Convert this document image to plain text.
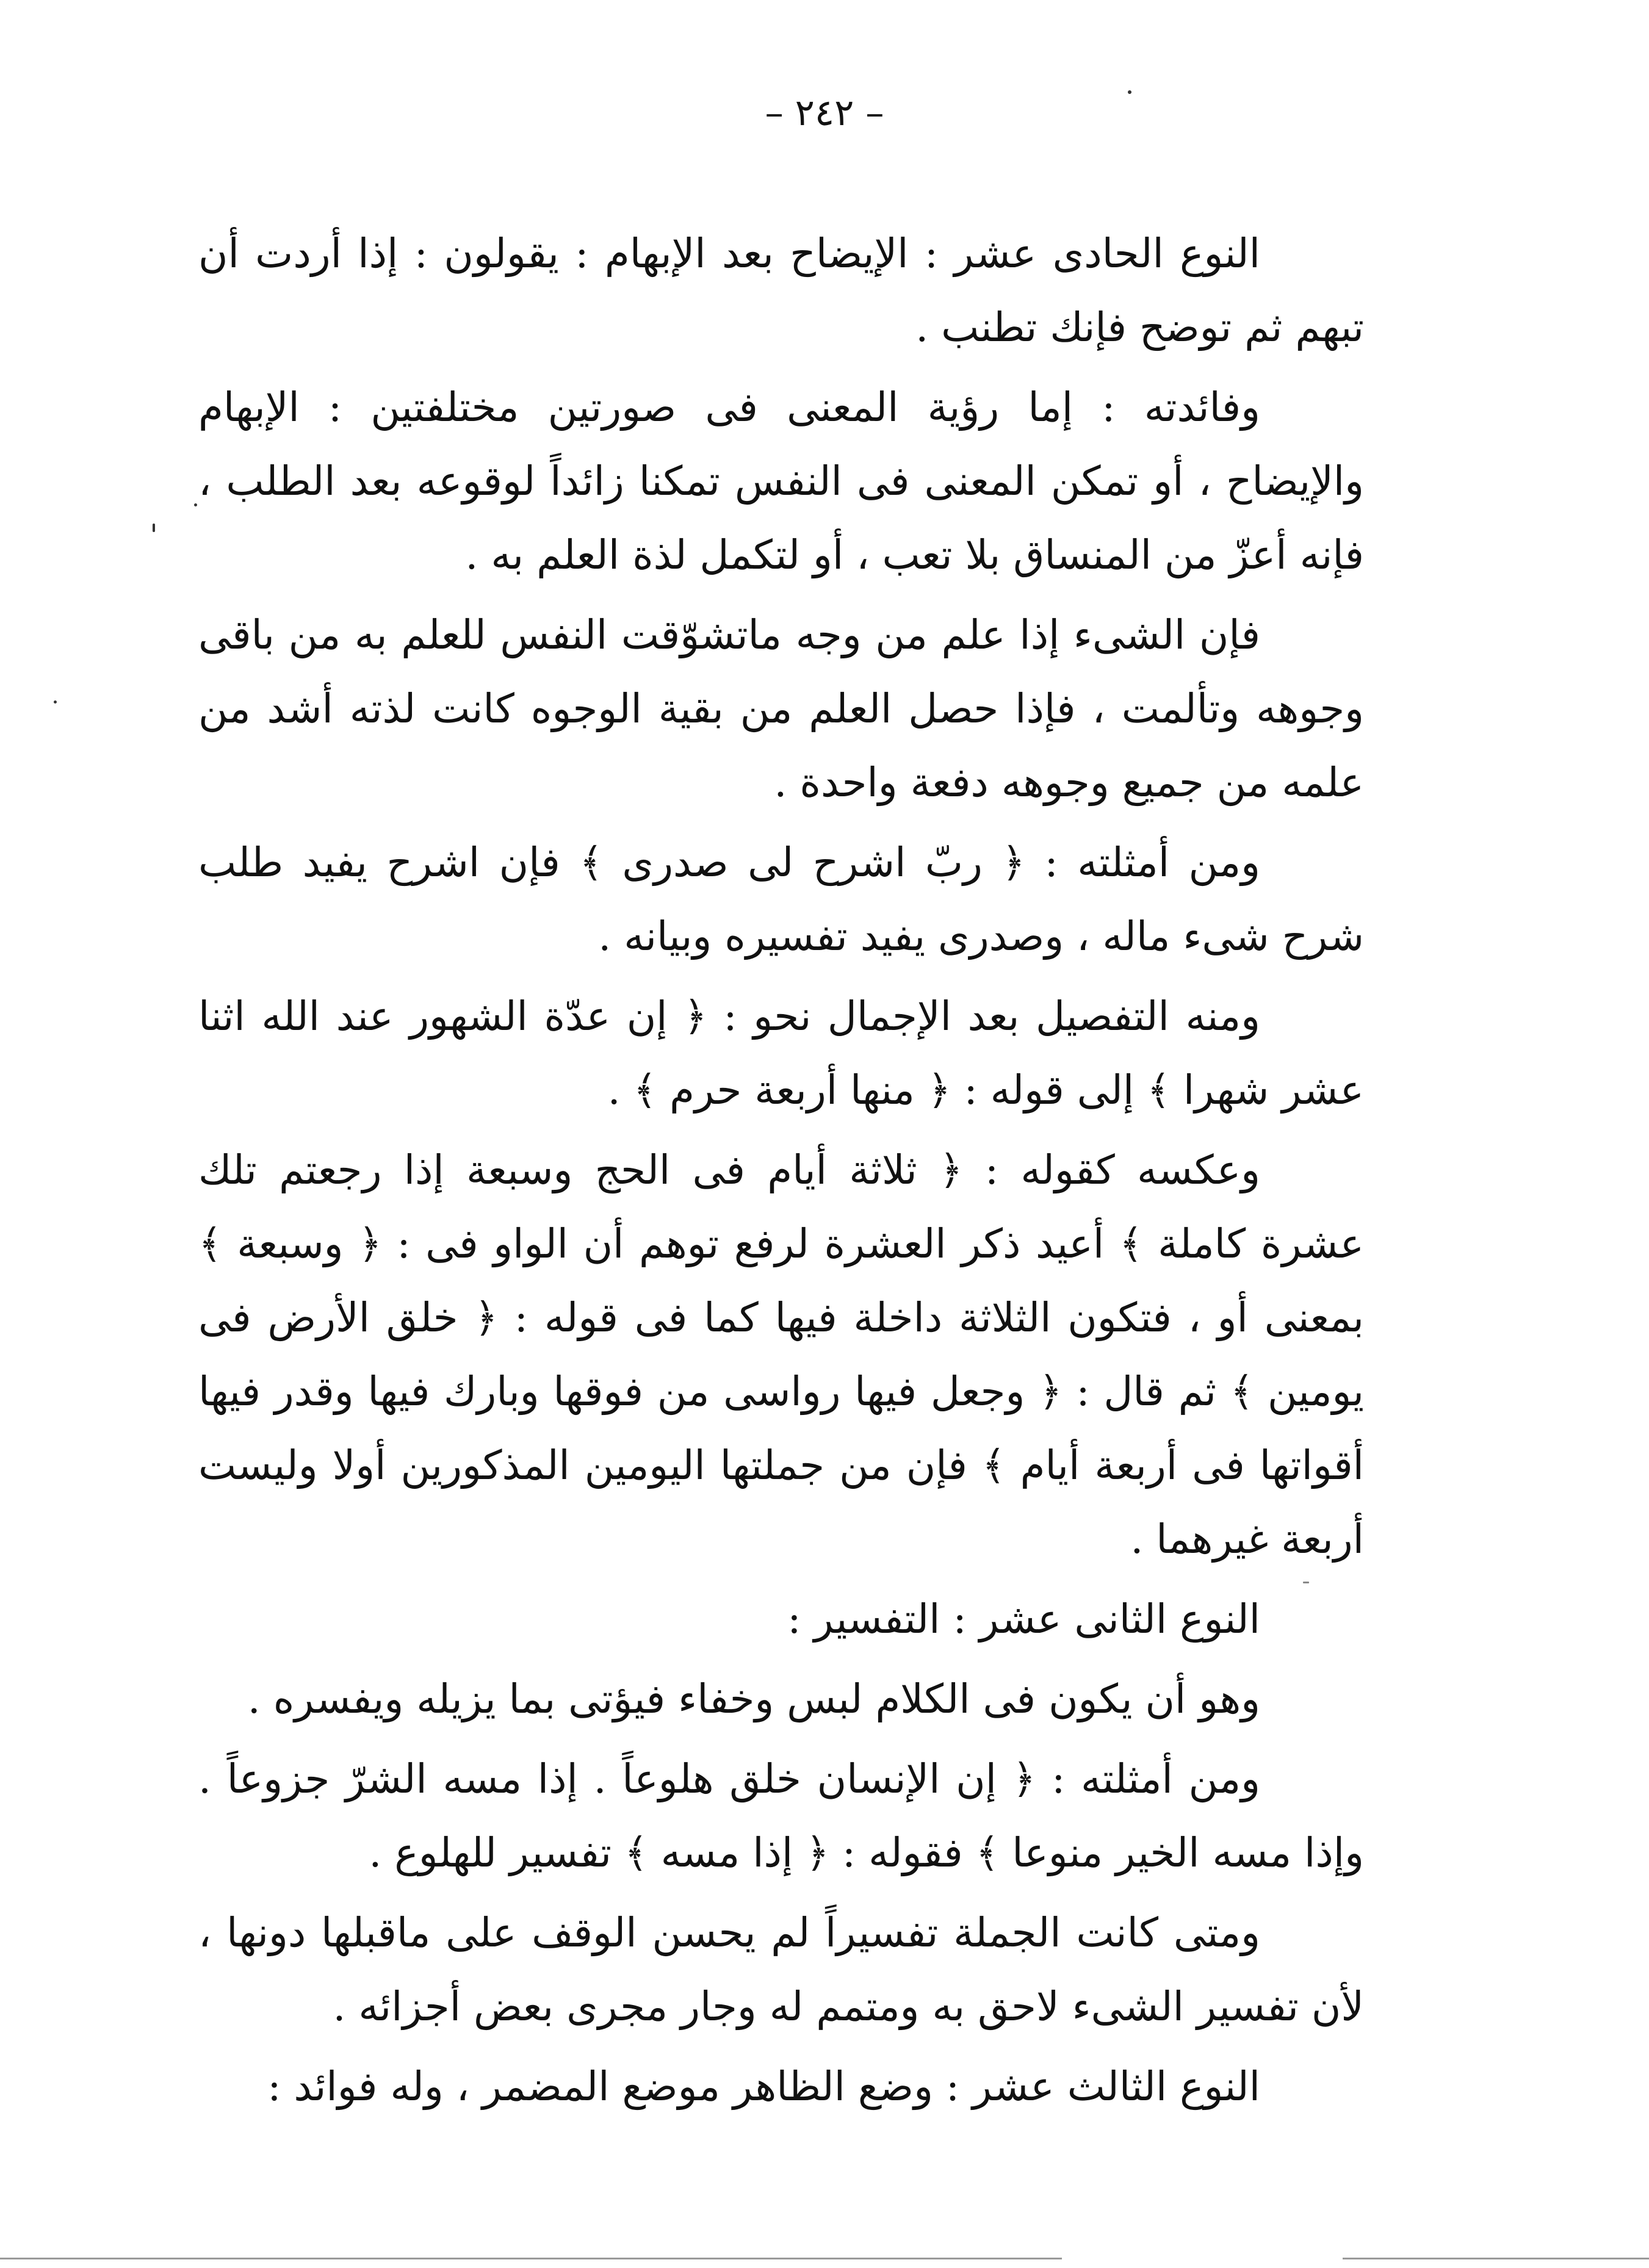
– ٢٤٢ –

النوع الحادى عشر : الإيضاح بعد الإبهام : يقولون : إذا أردت أن تبهم ثم توضح فإنك تطنب .

وفائدته : إما رؤية المعنى فى صورتين مختلفتين : الإبهام والإيضاح ، أو تمكن المعنى فى النفس تمكنا زائداً لوقوعه بعد الطلب ، فإنه أعزّ من المنساق بلا تعب ، أو لتكمل لذة العلم به .

فإن الشىء إذا علم من وجه ماتشوّقت النفس للعلم به من باقى وجوهه وتألمت ، فإذا حصل العلم من بقية الوجوه كانت لذته أشد من علمه من جميع وجوهه دفعة واحدة .

ومن أمثلته : ﴿ ربّ اشرح لى صدرى ﴾ فإن اشرح يفيد طلب شرح شىء ماله ، وصدرى يفيد تفسيره وبيانه .

ومنه التفصيل بعد الإجمال نحو : ﴿ إن عدّة الشهور عند الله اثنا عشر شهرا ﴾ إلى قوله : ﴿ منها أربعة حرم ﴾ .

وعكسه كقوله : ﴿ ثلاثة أيام فى الحج وسبعة إذا رجعتم تلك عشرة كاملة ﴾ أعيد ذكر العشرة لرفع توهم أن الواو فى : ﴿ وسبعة ﴾ بمعنى أو ، فتكون الثلاثة داخلة فيها كما فى قوله : ﴿ خلق الأرض فى يومين ﴾ ثم قال : ﴿ وجعل فيها رواسى من فوقها وبارك فيها وقدر فيها أقواتها فى أربعة أيام ﴾ فإن من جملتها اليومين المذكورين أولا وليست أربعة غيرهما .

النوع الثانى عشر : التفسير :

وهو أن يكون فى الكلام لبس وخفاء فيؤتى بما يزيله ويفسره .

ومن أمثلته : ﴿ إن الإنسان خلق هلوعاً . إذا مسه الشرّ جزوعاً . وإذا مسه الخير منوعا ﴾ فقوله : ﴿ إذا مسه ﴾ تفسير للهلوع .

ومتى كانت الجملة تفسيراً لم يحسن الوقف على ماقبلها دونها ، لأن تفسير الشىء لاحق به ومتمم له وجار مجرى بعض أجزائه .

النوع الثالث عشر : وضع الظاهر موضع المضمر ، وله فوائد :
